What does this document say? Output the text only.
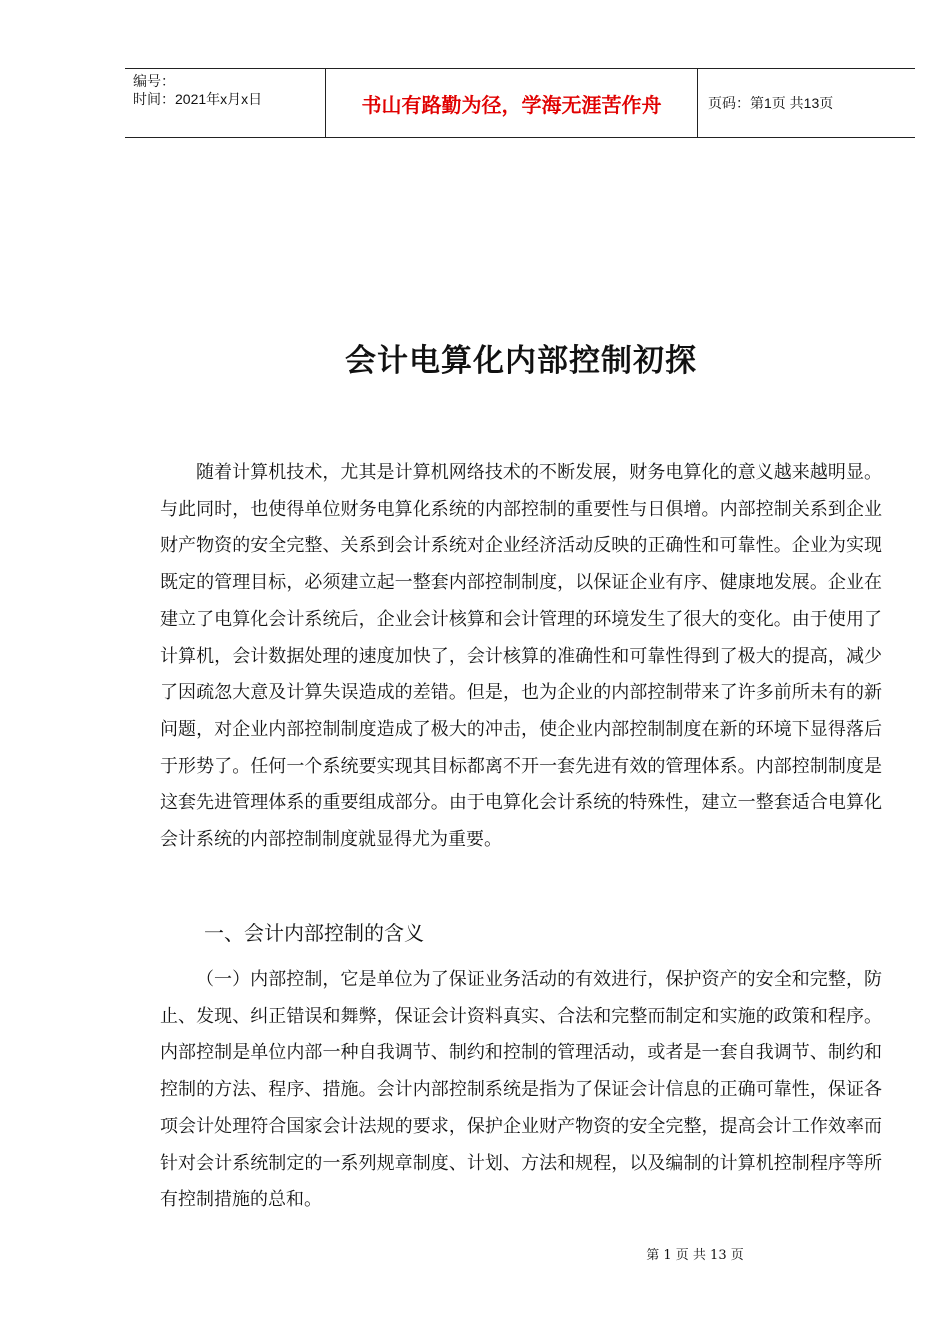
编号：
时间：2021年x月x日	书山有路勤为径，学海无涯苦作舟	页码：第1页 共13页
会计电算化内部控制初探
随着计算机技术，尤其是计算机网络技术的不断发展，财务电算化的意义越来越明显。与此同时，也使得单位财务电算化系统的内部控制的重要性与日俱增。内部控制关系到企业财产物资的安全完整、关系到会计系统对企业经济活动反映的正确性和可靠性。企业为实现既定的管理目标，必须建立起一整套内部控制制度，以保证企业有序、健康地发展。企业在建立了电算化会计系统后，企业会计核算和会计管理的环境发生了很大的变化。由于使用了计算机，会计数据处理的速度加快了，会计核算的准确性和可靠性得到了极大的提高，减少了因疏忽大意及计算失误造成的差错。但是，也为企业的内部控制带来了许多前所未有的新问题，对企业内部控制制度造成了极大的冲击，使企业内部控制制度在新的环境下显得落后于形势了。任何一个系统要实现其目标都离不开一套先进有效的管理体系。内部控制制度是这套先进管理体系的重要组成部分。由于电算化会计系统的特殊性，建立一整套适合电算化会计系统的内部控制制度就显得尤为重要。
一、会计内部控制的含义
（一）内部控制，它是单位为了保证业务活动的有效进行，保护资产的安全和完整，防止、发现、纠正错误和舞弊，保证会计资料真实、合法和完整而制定和实施的政策和程序。内部控制是单位内部一种自我调节、制约和控制的管理活动，或者是一套自我调节、制约和控制的方法、程序、措施。会计内部控制系统是指为了保证会计信息的正确可靠性，保证各项会计处理符合国家会计法规的要求，保护企业财产物资的安全完整，提高会计工作效率而针对会计系统制定的一系列规章制度、计划、方法和规程，以及编制的计算机控制程序等所有控制措施的总和。
第 1 页 共 13 页
